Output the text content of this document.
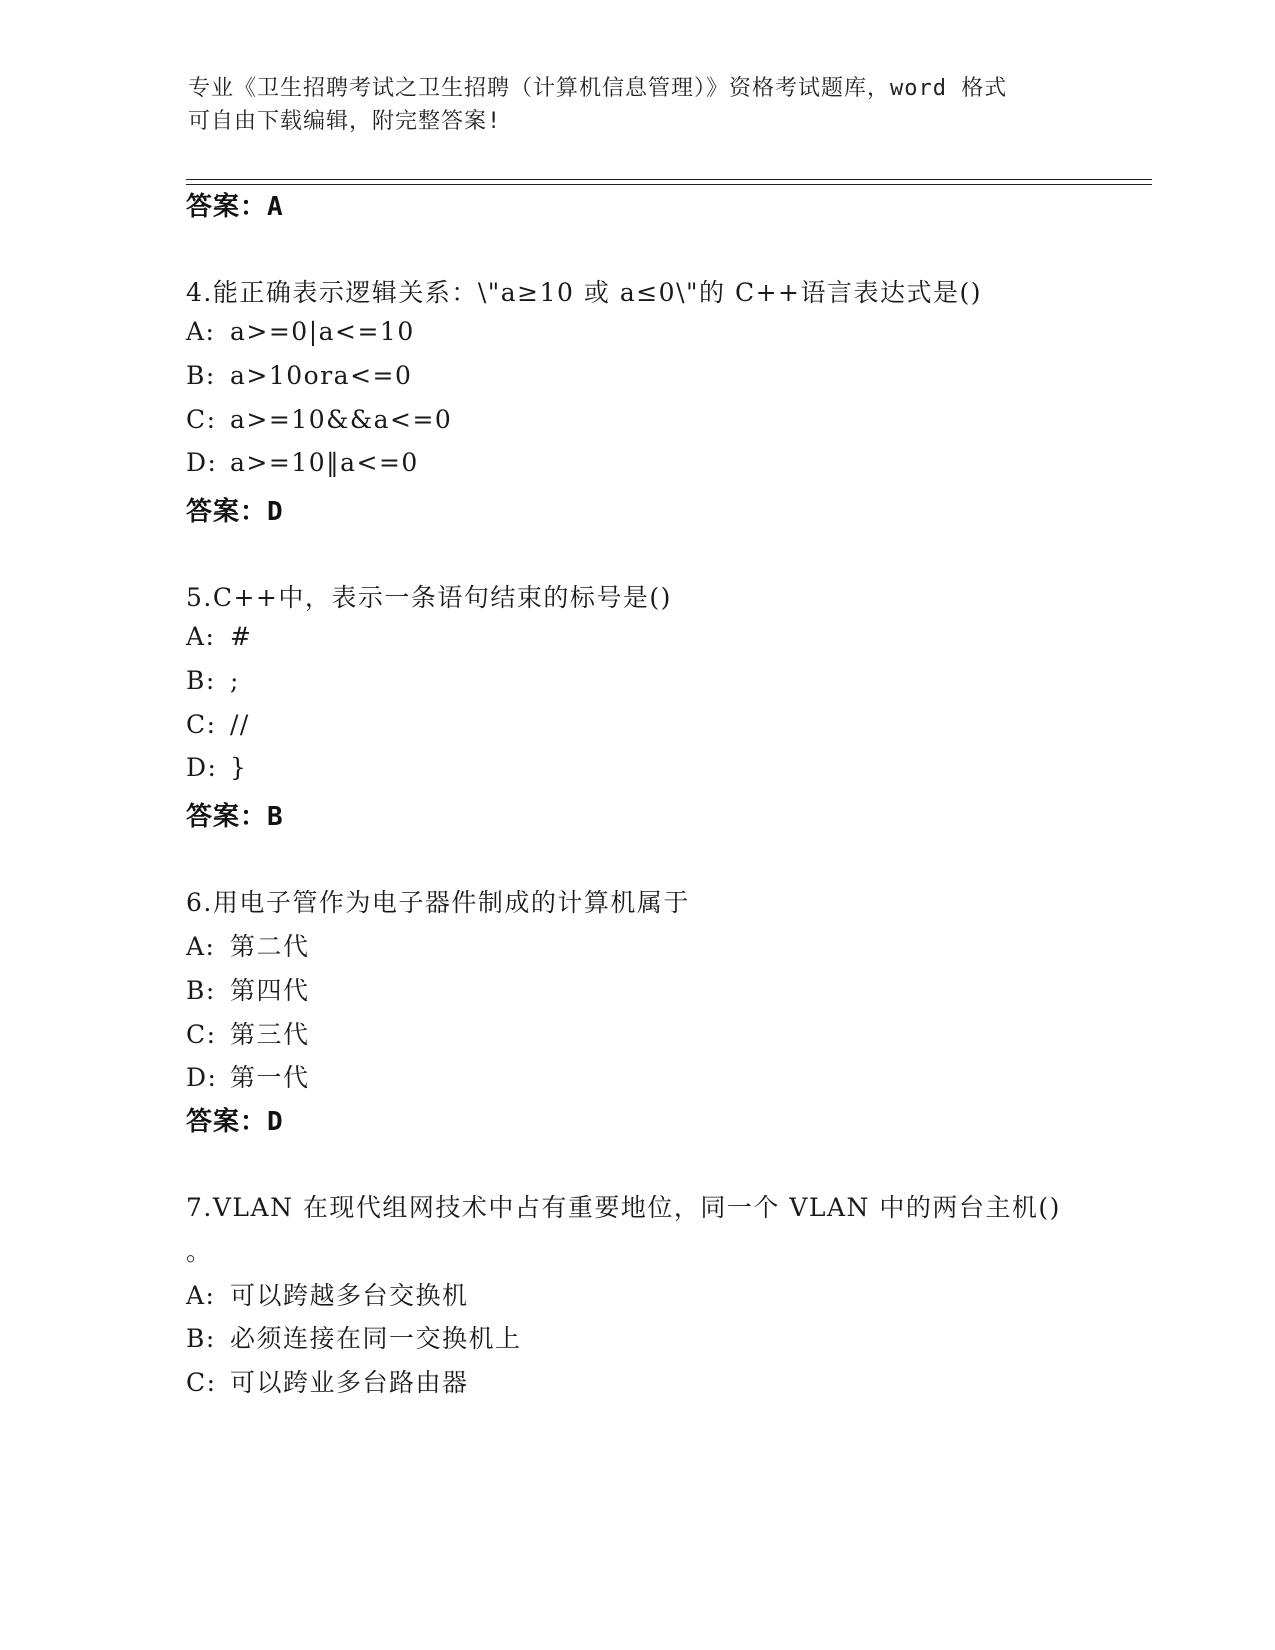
专业《卫生招聘考试之卫生招聘（计算机信息管理）》资格考试题库，word 格式
可自由下载编辑，附完整答案!
答案：A
4.能正确表示逻辑关系：\"a≥10 或 a≤0\"的 C++语言表达式是()
A: a>=0|a<=10
B: a>10ora<=0
C: a>=10&&a<=0
D: a>=10‖a<=0
答案：D
5.C++中，表示一条语句结束的标号是()
A: #
B: ;
C: //
D: }
答案：B
6.用电子管作为电子器件制成的计算机属于
A: 第二代
B: 第四代
C: 第三代
D: 第一代
答案：D
7.VLAN 在现代组网技术中占有重要地位，同一个 VLAN 中的两台主机()
。
A: 可以跨越多台交换机
B: 必须连接在同一交换机上
C: 可以跨业多台路由器
